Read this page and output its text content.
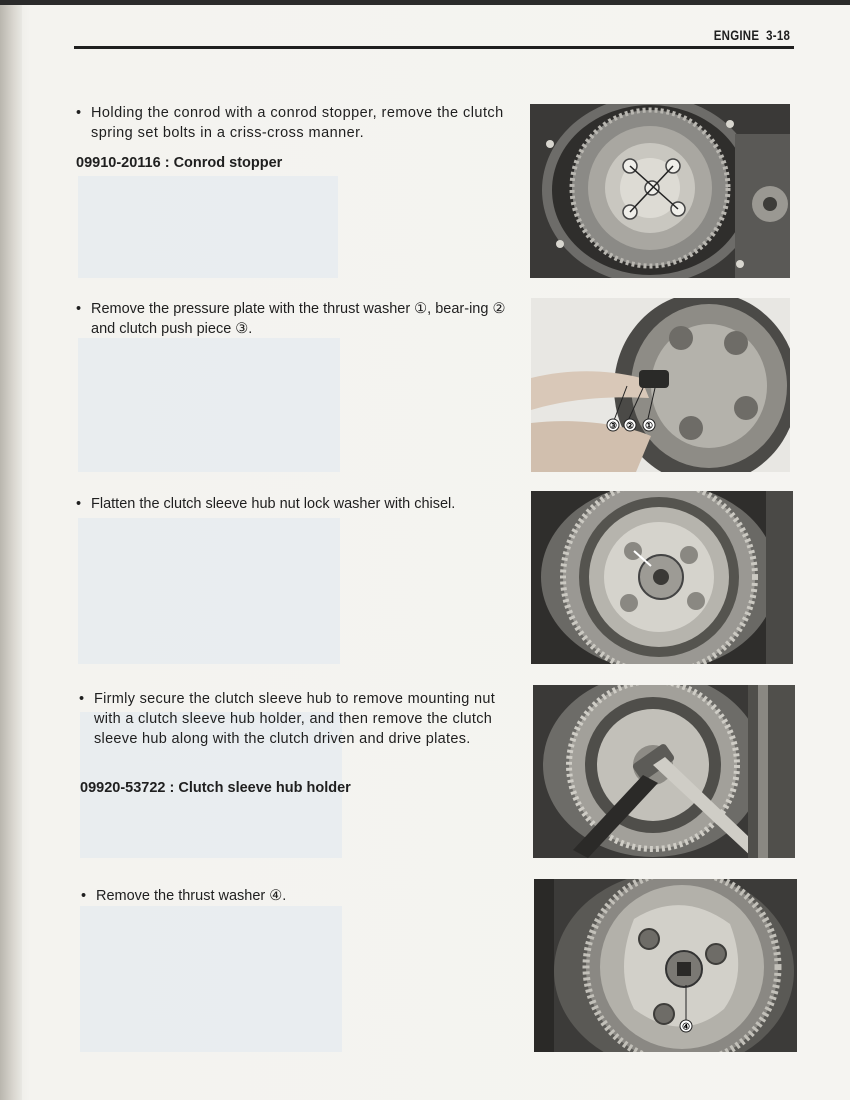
ENGINE 3-18
• Holding the conrod with a conrod stopper, remove the clutch spring set bolts in a criss-cross manner.
09910-20116 : Conrod stopper
• Remove the pressure plate with the thrust washer ①, bear-ing ② and clutch push piece ③.
• Flatten the clutch sleeve hub nut lock washer with chisel.
• Firmly secure the clutch sleeve hub to remove mounting nut with a clutch sleeve hub holder, and then remove the clutch sleeve hub along with the clutch driven and drive plates.
09920-53722 : Clutch sleeve hub holder
• Remove the thrust washer ④.
③ ② ①
④
